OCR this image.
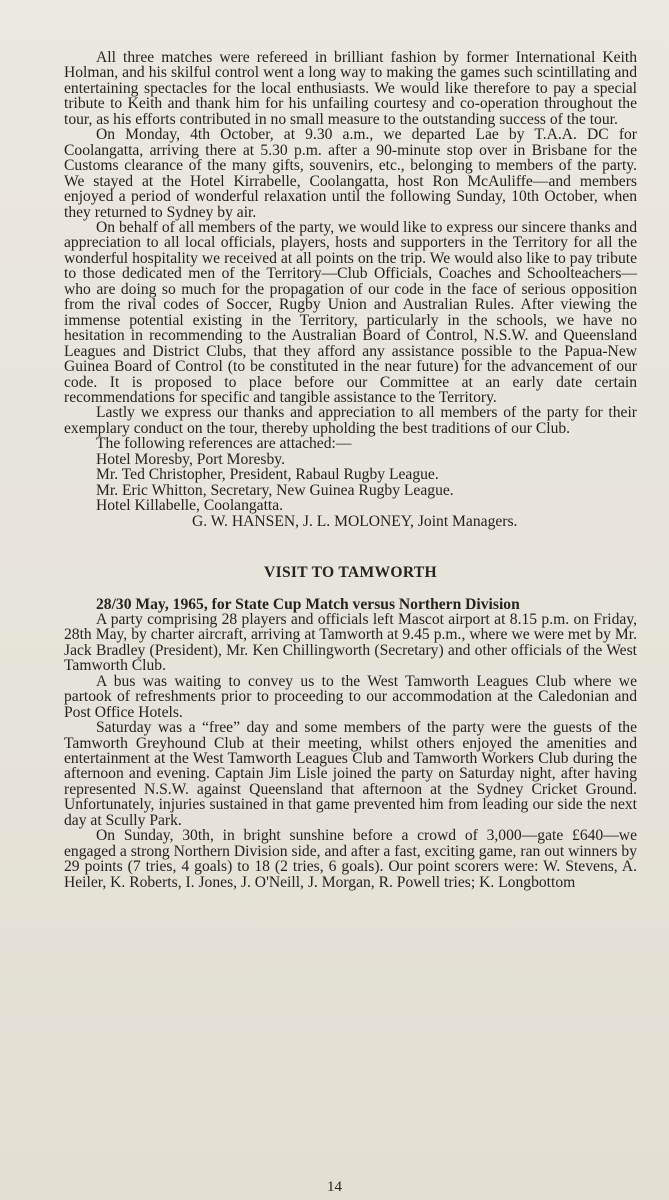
All three matches were refereed in brilliant fashion by former International Keith Holman, and his skilful control went a long way to making the games such scintillating and entertaining spectacles for the local enthusiasts. We would like therefore to pay a special tribute to Keith and thank him for his unfailing courtesy and co-operation throughout the tour, as his efforts contributed in no small measure to the outstanding success of the tour.

On Monday, 4th October, at 9.30 a.m., we departed Lae by T.A.A. DC for Coolangatta, arriving there at 5.30 p.m. after a 90-minute stop over in Brisbane for the Customs clearance of the many gifts, souvenirs, etc., belonging to members of the party. We stayed at the Hotel Kirrabelle, Coolangatta, host Ron McAuliffe—and members enjoyed a period of wonderful relaxation until the following Sunday, 10th October, when they returned to Sydney by air.

On behalf of all members of the party, we would like to express our sincere thanks and appreciation to all local officials, players, hosts and supporters in the Territory for all the wonderful hospitality we received at all points on the trip. We would also like to pay tribute to those dedicated men of the Territory—Club Officials, Coaches and Schoolteachers—who are doing so much for the propagation of our code in the face of serious opposition from the rival codes of Soccer, Rugby Union and Australian Rules. After viewing the immense potential existing in the Territory, particularly in the schools, we have no hesitation in recommending to the Australian Board of Control, N.S.W. and Queensland Leagues and District Clubs, that they afford any assistance possible to the Papua-New Guinea Board of Control (to be constituted in the near future) for the advancement of our code. It is proposed to place before our Committee at an early date certain recommendations for specific and tangible assistance to the Territory.

Lastly we express our thanks and appreciation to all members of the party for their exemplary conduct on the tour, thereby upholding the best traditions of our Club.

The following references are attached:—

Hotel Moresby, Port Moresby.

Mr. Ted Christopher, President, Rabaul Rugby League.

Mr. Eric Whitton, Secretary, New Guinea Rugby League.

Hotel Killabelle, Coolangatta.

G. W. HANSEN, J. L. MOLONEY, Joint Managers.

VISIT TO TAMWORTH

28/30 May, 1965, for State Cup Match versus Northern Division

A party comprising 28 players and officials left Mascot airport at 8.15 p.m. on Friday, 28th May, by charter aircraft, arriving at Tamworth at 9.45 p.m., where we were met by Mr. Jack Bradley (President), Mr. Ken Chillingworth (Secretary) and other officials of the West Tamworth Club.

A bus was waiting to convey us to the West Tamworth Leagues Club where we partook of refreshments prior to proceeding to our accommodation at the Caledonian and Post Office Hotels.

Saturday was a “free” day and some members of the party were the guests of the Tamworth Greyhound Club at their meeting, whilst others enjoyed the amenities and entertainment at the West Tamworth Leagues Club and Tamworth Workers Club during the afternoon and evening. Captain Jim Lisle joined the party on Saturday night, after having represented N.S.W. against Queensland that afternoon at the Sydney Cricket Ground. Unfortunately, injuries sustained in that game prevented him from leading our side the next day at Scully Park.

On Sunday, 30th, in bright sunshine before a crowd of 3,000—gate £640—we engaged a strong Northern Division side, and after a fast, exciting game, ran out winners by 29 points (7 tries, 4 goals) to 18 (2 tries, 6 goals). Our point scorers were: W. Stevens, A. Heiler, K. Roberts, I. Jones, J. O'Neill, J. Morgan, R. Powell tries; K. Longbottom

14
